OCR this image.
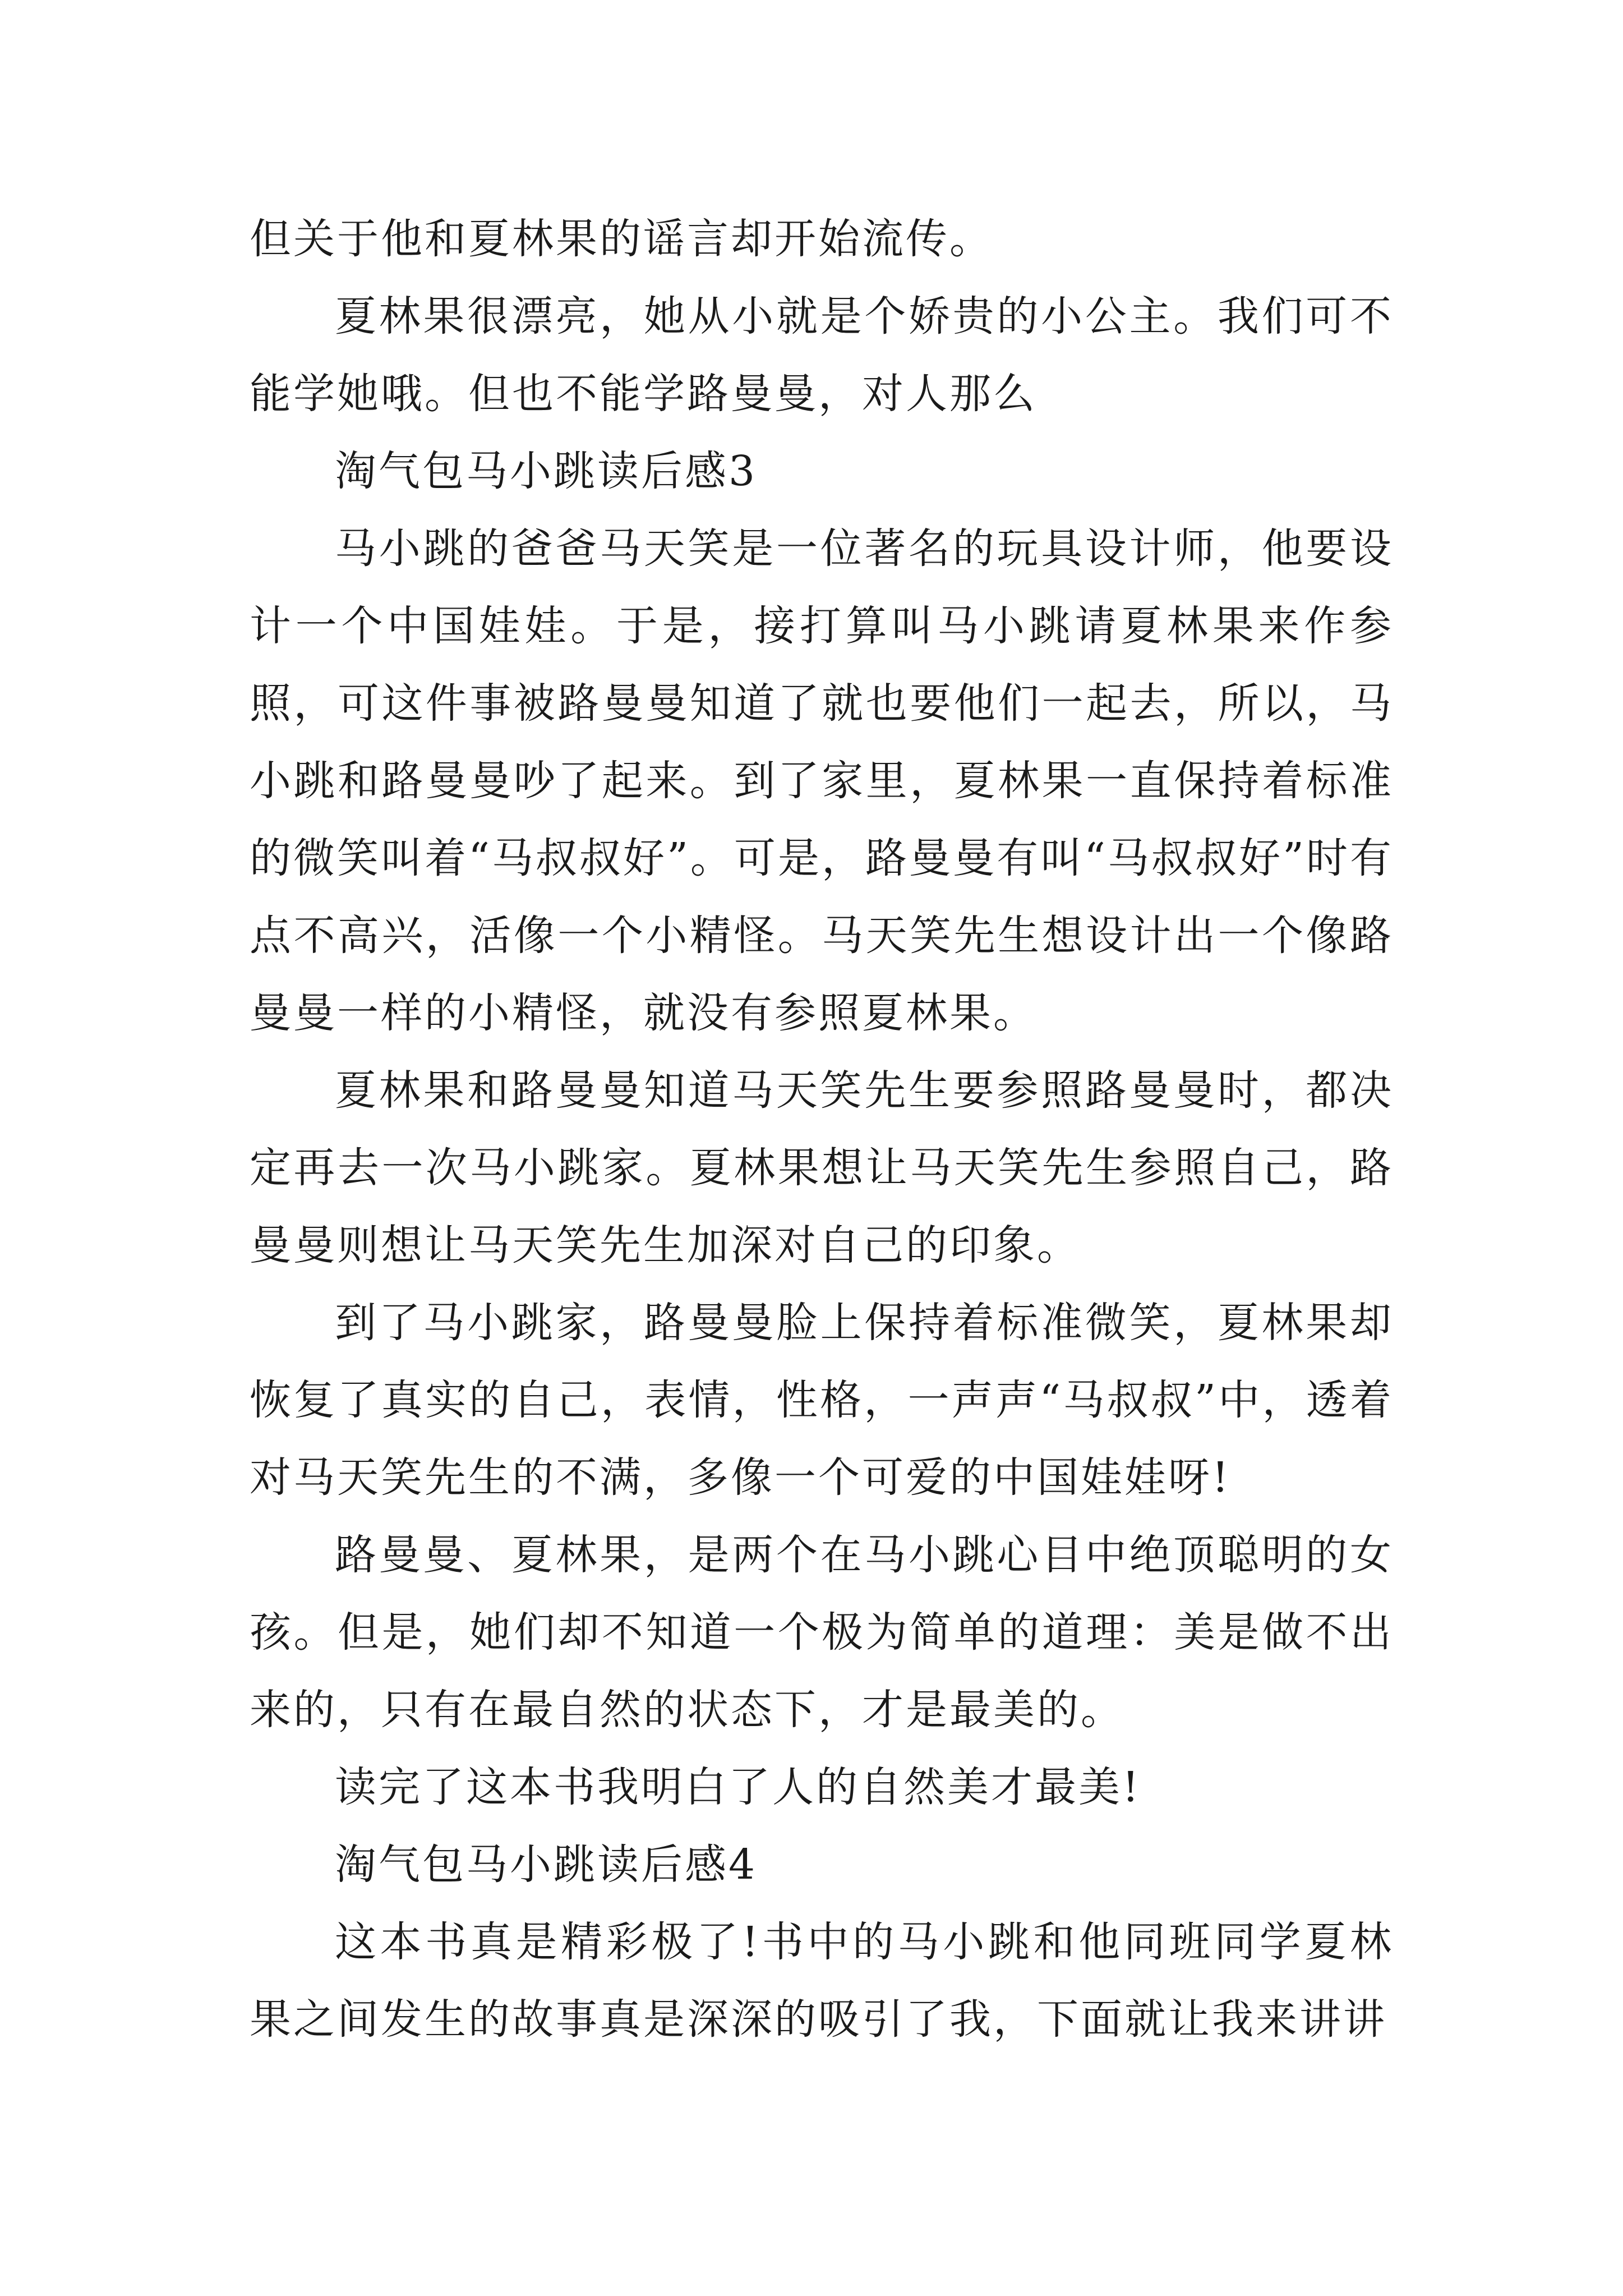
但关于他和夏林果的谣言却开始流传。

夏林果很漂亮，她从小就是个娇贵的小公主。我们可不能学她哦。但也不能学路曼曼，对人那么

淘气包马小跳读后感3

马小跳的爸爸马天笑是一位著名的玩具设计师，他要设计一个中国娃娃。于是，接打算叫马小跳请夏林果来作参照，可这件事被路曼曼知道了就也要他们一起去，所以，马小跳和路曼曼吵了起来。到了家里，夏林果一直保持着标准的微笑叫着“马叔叔好”。可是，路曼曼有叫“马叔叔好”时有点不高兴，活像一个小精怪。马天笑先生想设计出一个像路曼曼一样的小精怪，就没有参照夏林果。

夏林果和路曼曼知道马天笑先生要参照路曼曼时，都决定再去一次马小跳家。夏林果想让马天笑先生参照自己，路曼曼则想让马天笑先生加深对自己的印象。

到了马小跳家，路曼曼脸上保持着标准微笑，夏林果却恢复了真实的自己，表情，性格，一声声“马叔叔”中，透着对马天笑先生的不满，多像一个可爱的中国娃娃呀!

路曼曼、夏林果，是两个在马小跳心目中绝顶聪明的女孩。但是，她们却不知道一个极为简单的道理：美是做不出来的，只有在最自然的状态下，才是最美的。

读完了这本书我明白了人的自然美才最美!

淘气包马小跳读后感4

这本书真是精彩极了!书中的马小跳和他同班同学夏林果之间发生的故事真是深深的吸引了我，下面就让我来讲讲
